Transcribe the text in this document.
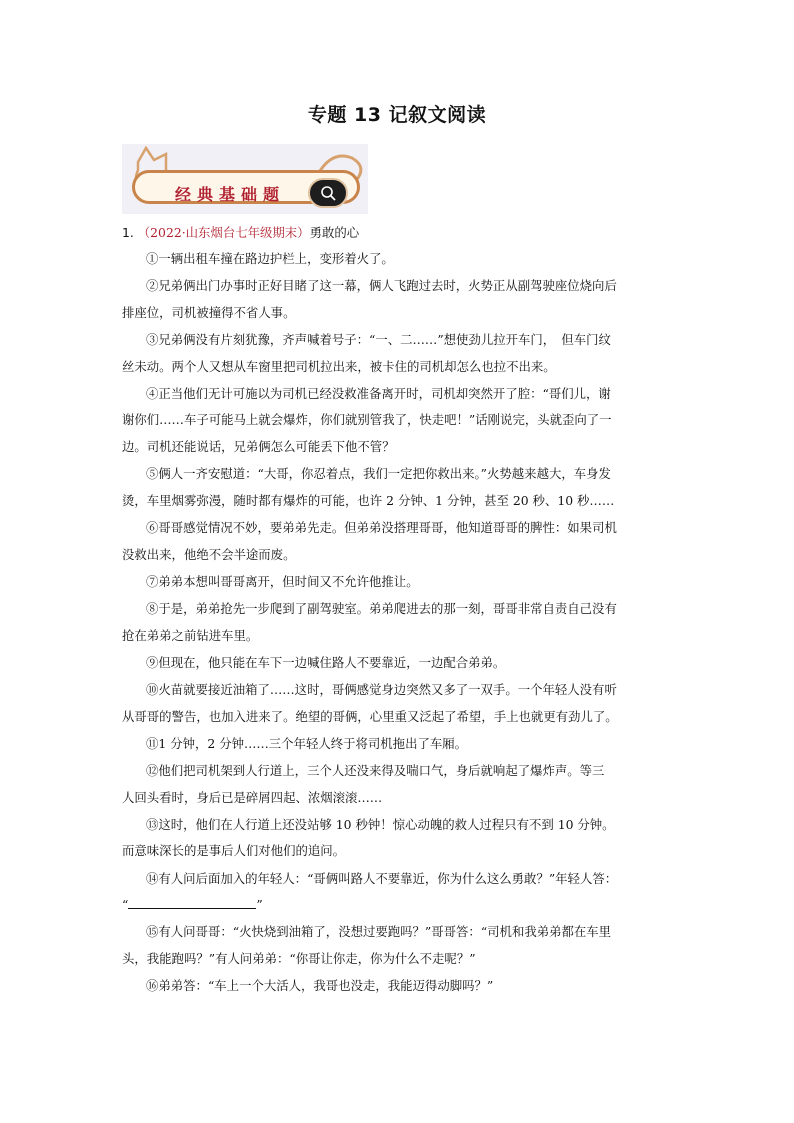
专题 13 记叙文阅读
经典基础题
1. （2022·山东烟台七年级期末）勇敢的心
①一辆出租车撞在路边护栏上，变形着火了。
②兄弟俩出门办事时正好目睹了这一幕，俩人飞跑过去时，火势正从副驾驶座位烧向后
排座位，司机被撞得不省人事。
③兄弟俩没有片刻犹豫，齐声喊着号子：“一、二……”想使劲儿拉开车门，　但车门纹
丝未动。两个人又想从车窗里把司机拉出来，被卡住的司机却怎么也拉不出来。
④正当他们无计可施以为司机已经没救准备离开时，司机却突然开了腔：“哥们儿，谢
谢你们……车子可能马上就会爆炸，你们就别管我了，快走吧！”话刚说完，头就歪向了一
边。司机还能说话，兄弟俩怎么可能丢下他不管？
⑤俩人一齐安慰道：“大哥，你忍着点，我们一定把你救出来。”火势越来越大，车身发
烫，车里烟雾弥漫，随时都有爆炸的可能，也许 2 分钟、1 分钟，甚至 20 秒、10 秒……
⑥哥哥感觉情况不妙，要弟弟先走。但弟弟没搭理哥哥，他知道哥哥的脾性：如果司机
没救出来，他绝不会半途而废。
⑦弟弟本想叫哥哥离开，但时间又不允许他推让。
⑧于是，弟弟抢先一步爬到了副驾驶室。弟弟爬进去的那一刻，哥哥非常自责自己没有
抢在弟弟之前钻进车里。
⑨但现在，他只能在车下一边喊住路人不要靠近，一边配合弟弟。
⑩火苗就要接近油箱了……这时，哥俩感觉身边突然又多了一双手。一个年轻人没有听
从哥哥的警告，也加入进来了。绝望的哥俩，心里重又泛起了希望，手上也就更有劲儿了。
⑪1 分钟，2 分钟……三个年轻人终于将司机拖出了车厢。
⑫他们把司机架到人行道上，三个人还没来得及喘口气，身后就响起了爆炸声。等三
人回头看时，身后已是碎屑四起、浓烟滚滚……
⑬这时，他们在人行道上还没站够 10 秒钟！惊心动魄的救人过程只有不到 10 分钟。
而意味深长的是事后人们对他们的追问。
⑭有人问后面加入的年轻人：“哥俩叫路人不要靠近，你为什么这么勇敢？”年轻人答：
“	”
⑮有人问哥哥：“火快烧到油箱了，没想过要跑吗？”哥哥答：“司机和我弟弟都在车里
头，我能跑吗？”有人问弟弟：“你哥让你走，你为什么不走呢？”
⑯弟弟答：“车上一个大活人，我哥也没走，我能迈得动脚吗？”
